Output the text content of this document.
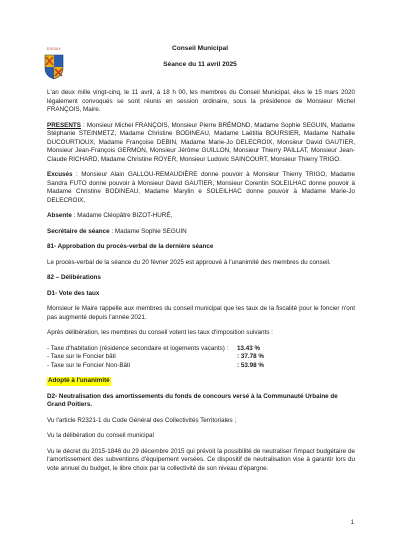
DISSAY	Conseil Municipal
Séance du 11 avril 2025

L'an deux mille vingt-cinq, le 11 avril, à 18 h 00, les membres du Conseil Municipal, élus le 15 mars 2020 légalement convoqués se sont réunis en session ordinaire, sous la présidence de Monsieur Michel FRANÇOIS, Maire.

PRESENTS : Monsieur Michel FRANÇOIS, Monsieur Pierre BRÉMOND, Madame Sophie SEGUIN, Madame Stéphanie STEINMETZ, Madame Christine BODINEAU, Madame Laëtitia BOURSIER, Madame Nathalie DUCOURTIOUX, Madame Françoise DEBIN, Madame Marie-Jo DELECROIX, Monsieur David GAUTIER, Monsieur Jean-François GERMON, Monsieur Jérôme GUILLON, Monsieur Thierry PAILLAT, Monsieur Jean-Claude RICHARD, Madame Christine ROYER, Monsieur Ludovic SAINCOURT, Monsieur Thierry TRIGO.

Excusés : Monsieur Alain GALLOU-REMAUDIÈRE donne pouvoir à Monsieur Thierry TRIGO, Madame Sandra FUTO donne pouvoir à Monsieur David GAUTIER, Monsieur Corentin SOLEILHAC donne pouvoir à Madame Christine BODINEAU, Madame Marylin e SOLEILHAC donne pouvoir à Madame Marie-Jo DELECROIX,

Absente : Madame Cléopâtre BIZOT-HURÉ,

Secrétaire de séance : Madame Sophie SEGUIN

81- Approbation du procès-verbal de la dernière séance

Le procès-verbal de la séance du 20 février 2025 est approuvé à l'unanimité des membres du conseil.

82 – Délibérations
D1- Vote des taux

Monsieur le Maire rappelle aux membres du conseil municipal que les taux de la fiscalité pour le foncier n'ont pas augmenté depuis l'année 2021.

Après délibération, les membres du conseil votent les taux d'imposition suivants :

- Taxe d'habitation (résidence secondaire et logements vacants) :	13.43 %
- Taxe sur le Foncier bâti	: 37.78 %
- Taxe sur le Foncier Non-Bâti	: 53.98 %

Adopté à l'unanimité

D2- Neutralisation des amortissements du fonds de concours versé à la Communauté Urbaine de Grand Poitiers.

Vu l'article R2321-1 du Code Général des Collectivités Territoriales ;

Vu la délibération du conseil municipal

Vu le décret du 2015-1846 du 29 décembre 2015 qui prévoit la possibilité de neutraliser l'impact budgétaire de l'amortissement des subventions d'équipement versées. Ce dispositif de neutralisation vise à garantir lors du vote annuel du budget, le libre choix par la collectivité de son niveau d'épargne.

1
